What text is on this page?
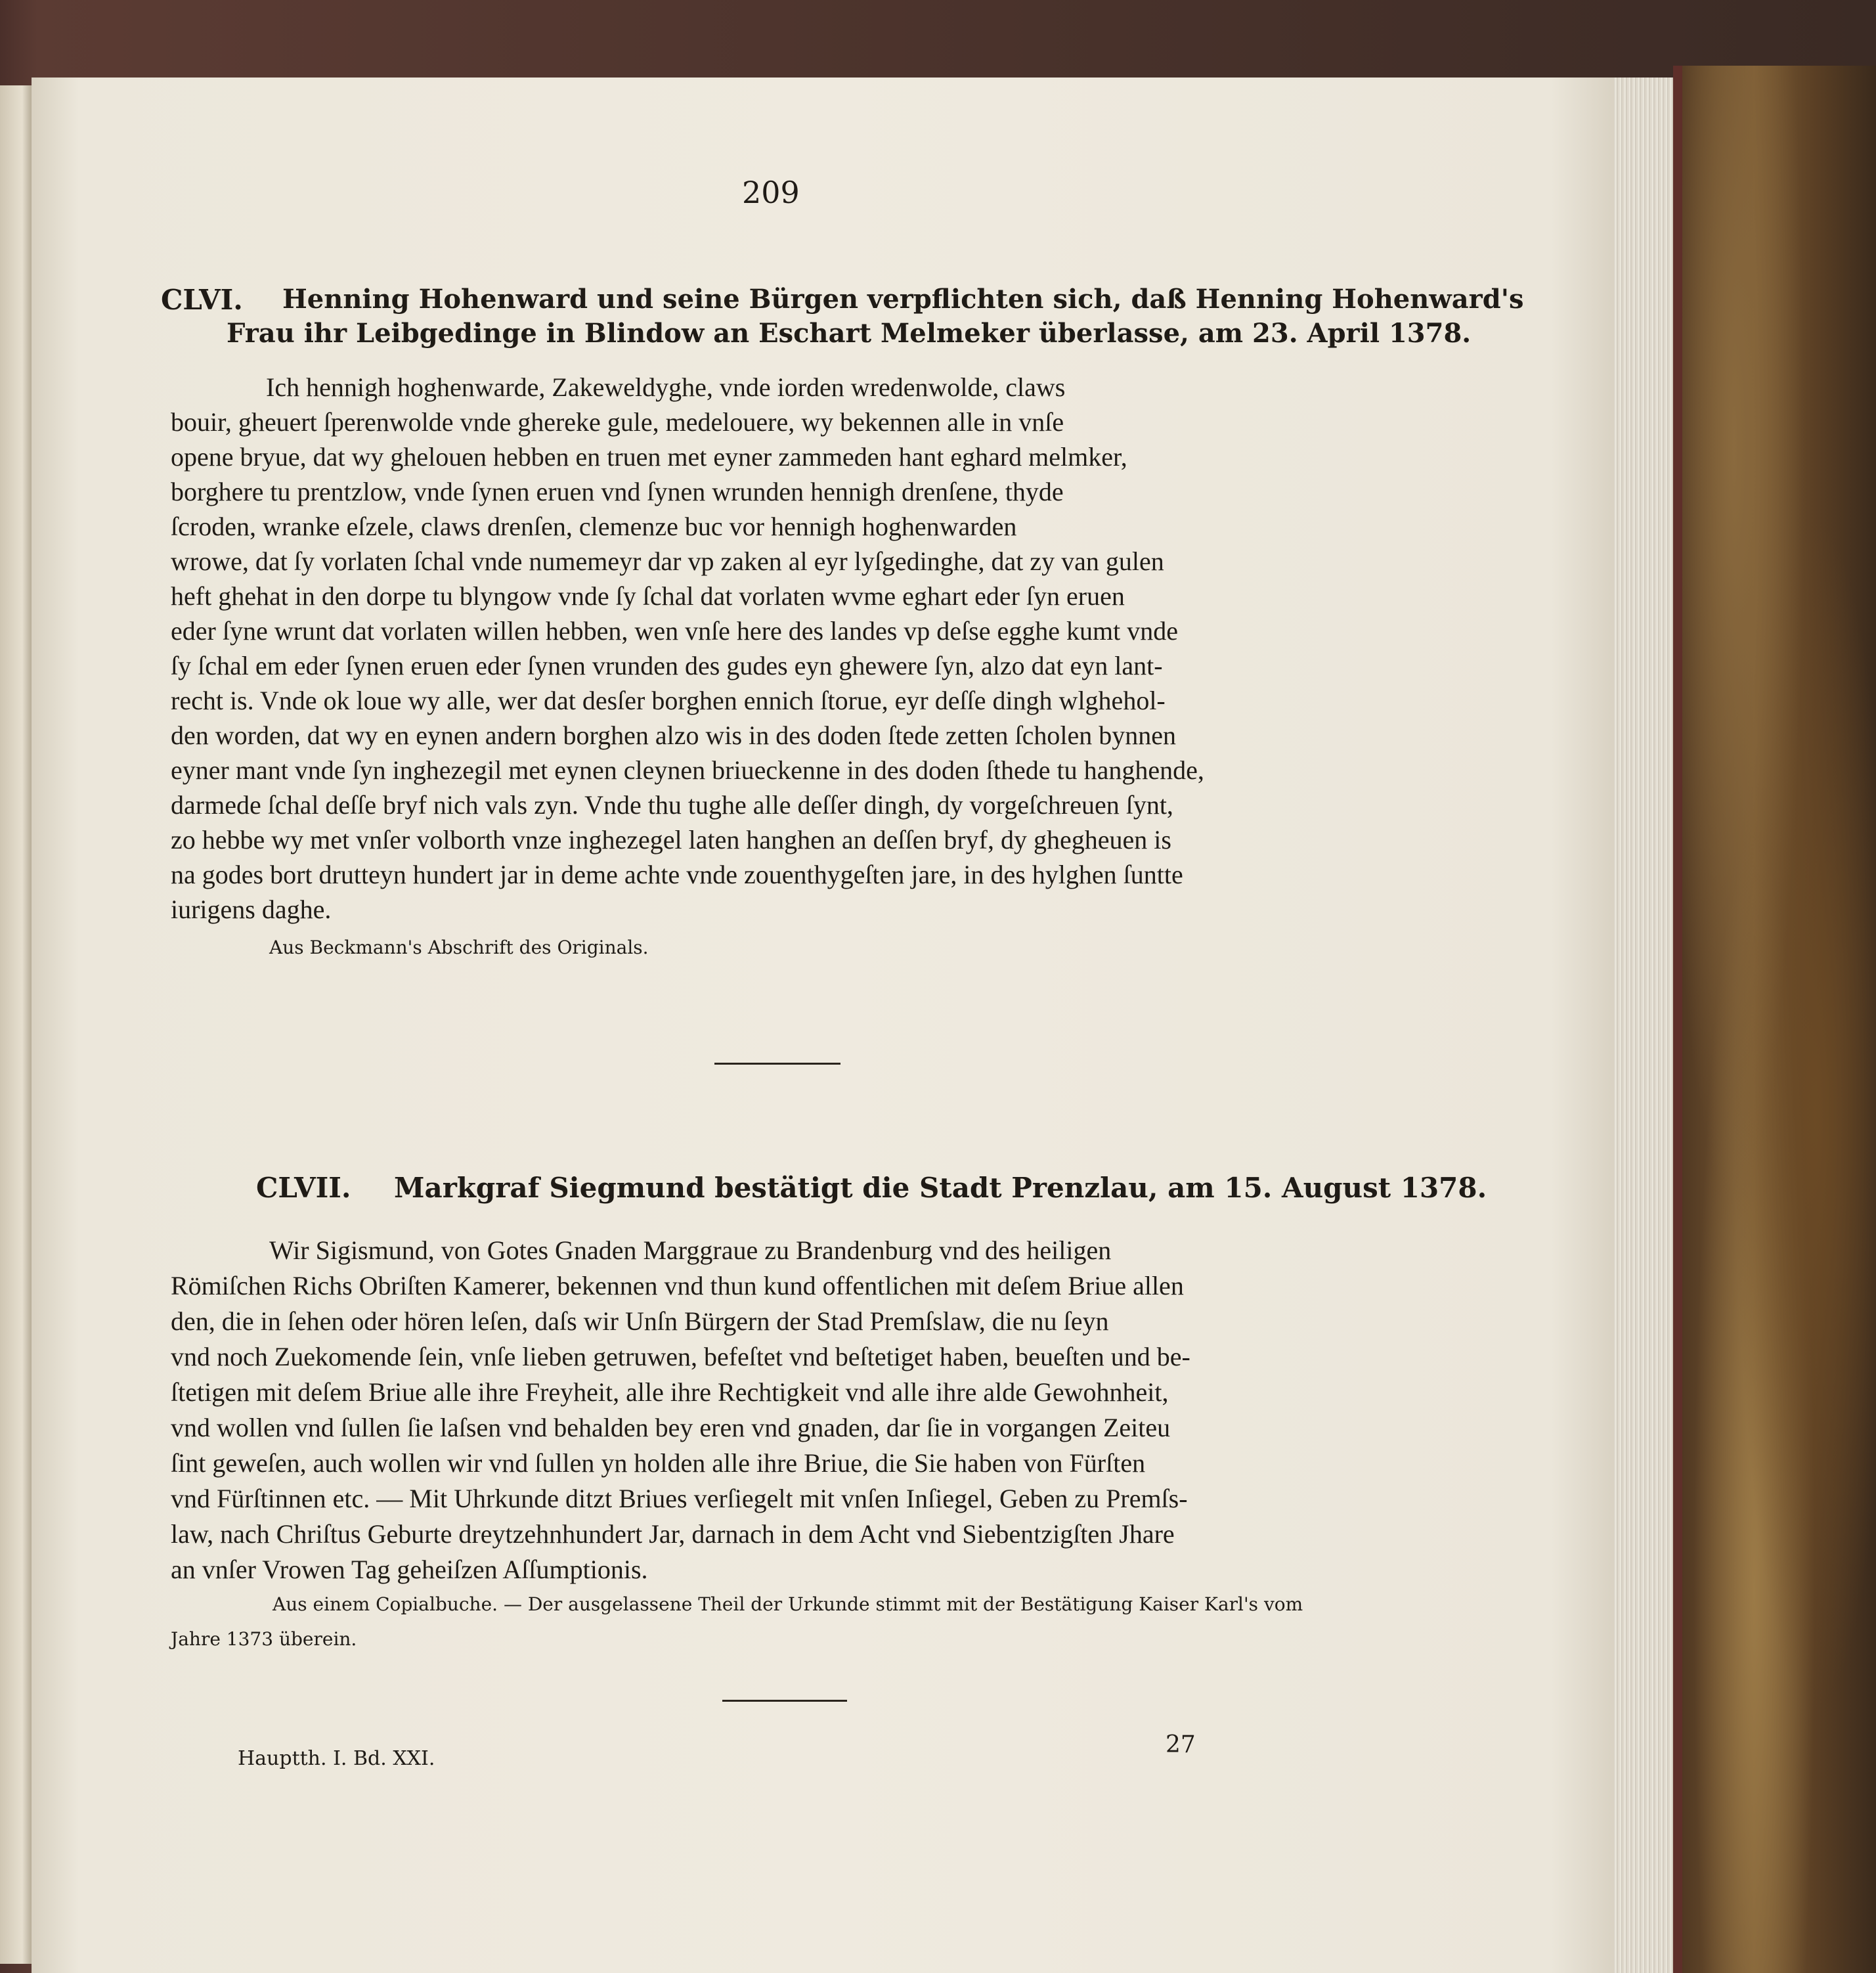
209
CLVI. Henning Hohenward und seine Bürgen verpflichten sich, daß Henning Hohenward's
Frau ihr Leibgedinge in Blindow an Eschart Melmeker überlasse, am 23. April 1378.
Ich hennigh hoghenwarde, Zakeweldyghe, vnde iorden wredenwolde, claws
bouir, gheuert ſperenwolde vnde ghereke gule, medelouere, wy bekennen alle in vnſe
opene bryue, dat wy ghelouen hebben en truen met eyner zammeden hant eghard melmker,
borghere tu prentzlow, vnde ſynen eruen vnd ſynen wrunden hennigh drenſene, thyde
ſcroden, wranke eſzele, claws drenſen, clemenze buc vor hennigh hoghenwarden
wrowe, dat ſy vorlaten ſchal vnde numemeyr dar vp zaken al eyr lyſgedinghe, dat zy van gulen
heft ghehat in den dorpe tu blyngow vnde ſy ſchal dat vorlaten wvme eghart eder ſyn eruen
eder ſyne wrunt dat vorlaten willen hebben, wen vnſe here des landes vp deſse egghe kumt vnde
ſy ſchal em eder ſynen eruen eder ſynen vrunden des gudes eyn ghewere ſyn, alzo dat eyn lant-
recht is. Vnde ok loue wy alle, wer dat desſer borghen ennich ſtorue, eyr deſſe dingh wlghehol-
den worden, dat wy en eynen andern borghen alzo wis in des doden ſtede zetten ſcholen bynnen
eyner mant vnde ſyn inghezegil met eynen cleynen brіueckenne in des doden ſthede tu hanghende,
darmede ſchal deſſe bryf nich vals zyn. Vnde thu tughe alle deſſer dingh, dy vorgeſchreuen ſynt,
zo hebbe wy met vnſer volborth vnze inghezegel laten hanghen an deſſen bryf, dy ghegheuen is
na godes bort drutteyn hundert jar in deme achte vnde zouenthygeſten jare, in des hylghen ſuntte
iurigens daghe.
Aus Beckmann's Abschrift des Originals.
CLVII. Markgraf Siegmund bestätigt die Stadt Prenzlau, am 15. August 1378.
Wir Sigismund, von Gotes Gnaden Marggraue zu Brandenburg vnd des heiligen
Römiſchen Richs Obriſten Kamerer, bekennen vnd thun kund offentlichen mit deſem Briue allen
den, die in ſehen oder hören leſen, daſs wir Unſn Bürgern der Stad Premſslaw, die nu ſeyn
vnd noch Zuekomende ſein, vnſe lieben getruwen, befeſtet vnd beſtetiget haben, beueſten und be-
ſtetigen mit deſem Briue alle ihre Freyheit, alle ihre Rechtigkeit vnd alle ihre alde Gewohnheit,
vnd wollen vnd ſullen ſie laſsen vnd behalden bey eren vnd gnaden, dar ſie in vorgangen Zeiteu
ſint geweſen, auch wollen wir vnd ſullen yn holden alle ihre Briue, die Sie haben von Fürſten
vnd Fürſtinnen etc. — Mit Uhrkunde ditzt Briues verſiegelt mit vnſen Inſiegel, Geben zu Premſs-
law, nach Chriſtus Geburte dreytzehnhundert Jar, darnach in dem Acht vnd Siebentzigſten Jhare
an vnſer Vrowen Tag geheiſzen Aſſumptionis.
Aus einem Copialbuche. — Der ausgelassene Theil der Urkunde stimmt mit der Bestätigung Kaiser Karl's vom
Jahre 1373 überein.
Hauptth. I. Bd. XXI.
27
